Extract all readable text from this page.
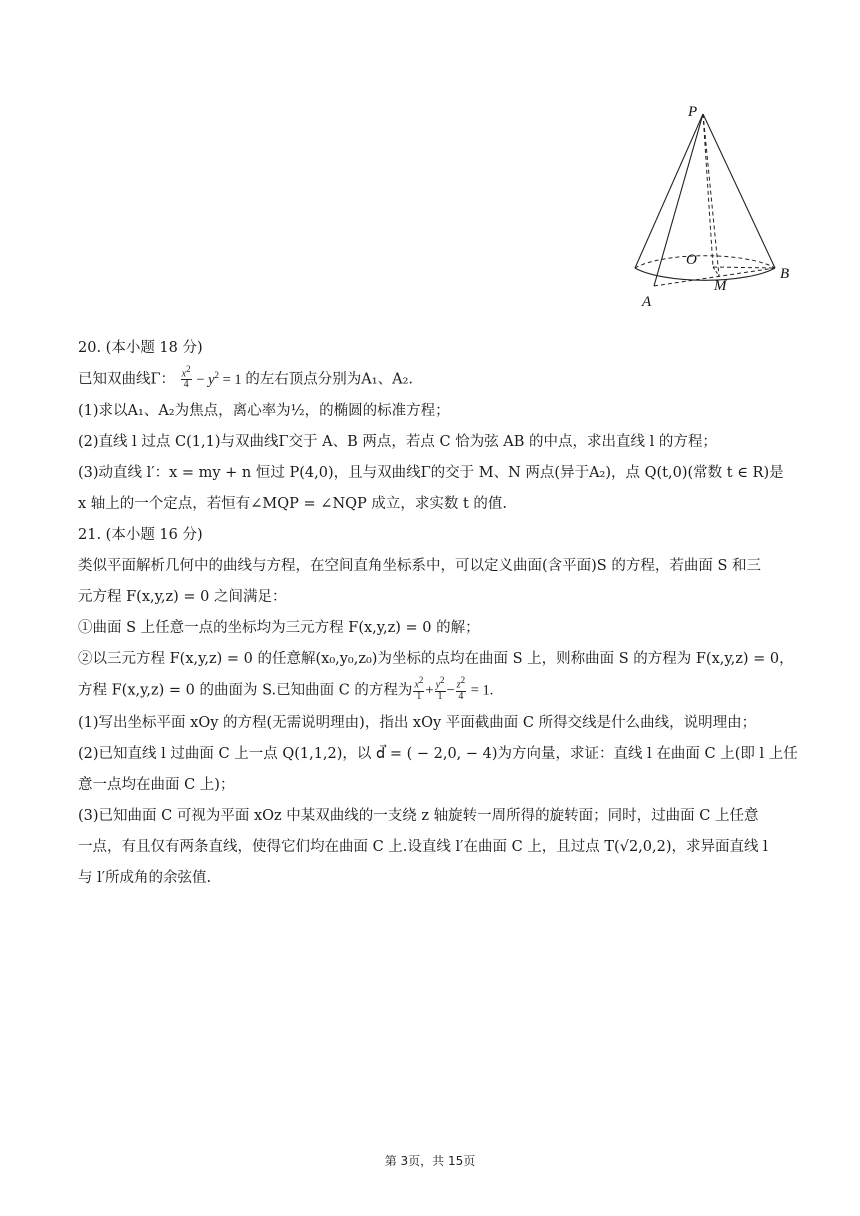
P
O
B
M
A

20. (本小题 18 分)

已知双曲线Γ： $\frac{x^2}{4} - y^2 = 1$ 的左右顶点分别为A₁、A₂.

(1)求以A₁、A₂为焦点，离心率为½，的椭圆的标准方程；

(2)直线 l 过点 C(1,1)与双曲线Γ交于 A、B 两点，若点 C 恰为弦 AB 的中点，求出直线 l 的方程；

(3)动直线 l′：x = my + n 恒过 P(4,0)，且与双曲线Γ的交于 M、N 两点(异于A₂)，点 Q(t,0)(常数 t ∈ R)是

x 轴上的一个定点，若恒有∠MQP = ∠NQP 成立，求实数 t 的值.

21. (本小题 16 分)

类似平面解析几何中的曲线与方程，在空间直角坐标系中，可以定义曲面(含平面)S 的方程，若曲面 S 和三

元方程 F(x,y,z) = 0 之间满足：

①曲面 S 上任意一点的坐标均为三元方程 F(x,y,z) = 0 的解；

②以三元方程 F(x,y,z) = 0 的任意解(x₀,y₀,z₀)为坐标的点均在曲面 S 上，则称曲面 S 的方程为 F(x,y,z) = 0，

方程 F(x,y,z) = 0 的曲面为 S.已知曲面 C 的方程为 $\frac{x^2}{1} + \frac{y^2}{1} - \frac{z^2}{4} = 1$.

(1)写出坐标平面 xOy 的方程(无需说明理由)，指出 xOy 平面截曲面 C 所得交线是什么曲线，说明理由；

(2)已知直线 l 过曲面 C 上一点 Q(1,1,2)，以 d⃗ = ( − 2,0, − 4)为方向量，求证：直线 l 在曲面 C 上(即 l 上任

意一点均在曲面 C 上)；

(3)已知曲面 C 可视为平面 xOz 中某双曲线的一支绕 z 轴旋转一周所得的旋转面；同时，过曲面 C 上任意

一点，有且仅有两条直线，使得它们均在曲面 C 上.设直线 l′在曲面 C 上，且过点 T(√2,0,2)，求异面直线 l

与 l′所成角的余弦值.

第 3页，共 15页
